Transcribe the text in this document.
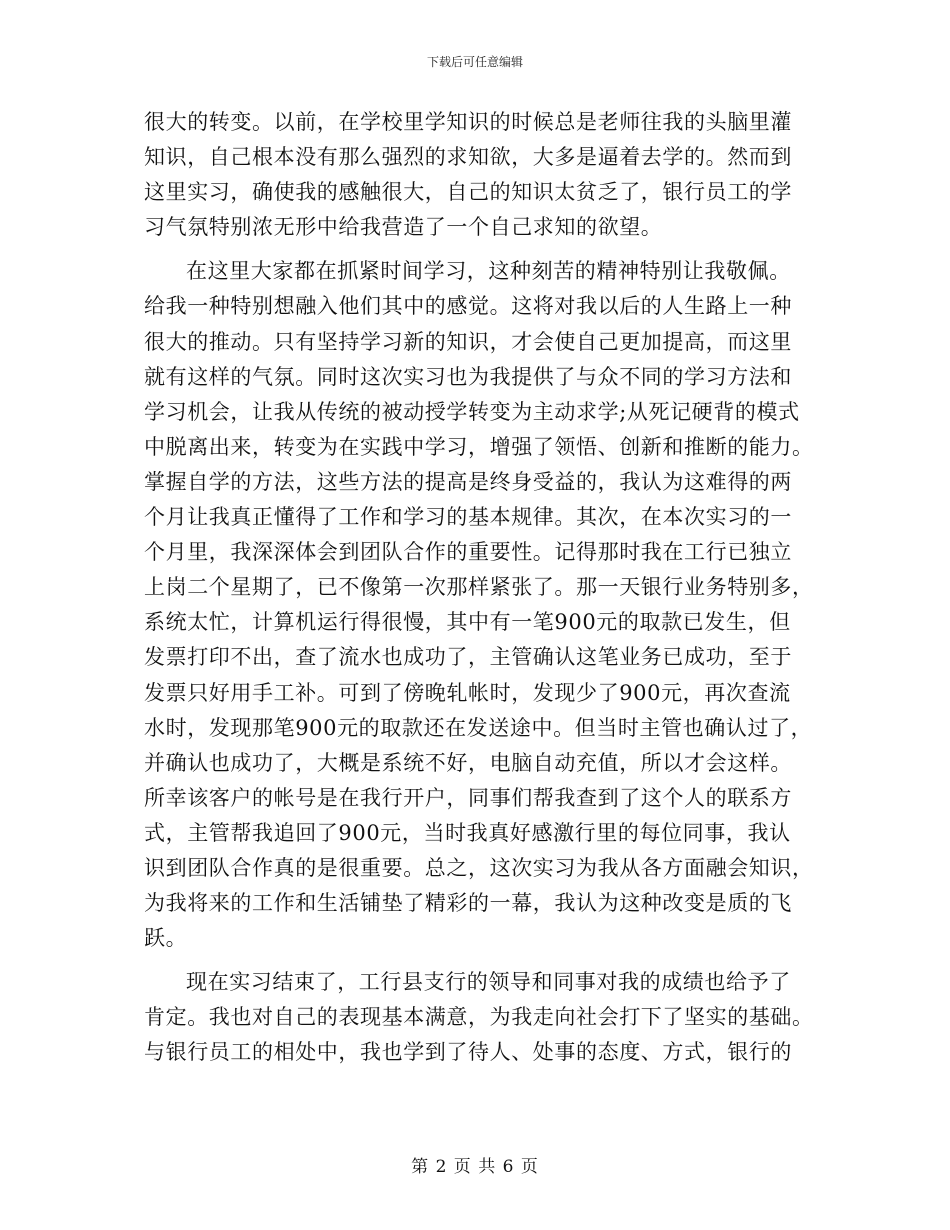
下载后可任意编辑
很大的转变。以前，在学校里学知识的时候总是老师往我的头脑里灌
知识，自己根本没有那么强烈的求知欲，大多是逼着去学的。然而到
这里实习，确使我的感触很大，自己的知识太贫乏了，银行员工的学
习气氛特别浓无形中给我营造了一个自己求知的欲望。
在这里大家都在抓紧时间学习，这种刻苦的精神特别让我敬佩。
给我一种特别想融入他们其中的感觉。这将对我以后的人生路上一种
很大的推动。只有坚持学习新的知识，才会使自己更加提高，而这里
就有这样的气氛。同时这次实习也为我提供了与众不同的学习方法和
学习机会，让我从传统的被动授学转变为主动求学;从死记硬背的模式
中脱离出来，转变为在实践中学习，增强了领悟、创新和推断的能力。
掌握自学的方法，这些方法的提高是终身受益的，我认为这难得的两
个月让我真正懂得了工作和学习的基本规律。其次，在本次实习的一
个月里，我深深体会到团队合作的重要性。记得那时我在工行已独立
上岗二个星期了，已不像第一次那样紧张了。那一天银行业务特别多，
系统太忙，计算机运行得很慢，其中有一笔900元的取款已发生，但
发票打印不出，查了流水也成功了，主管确认这笔业务已成功，至于
发票只好用手工补。可到了傍晚轧帐时，发现少了900元，再次查流
水时，发现那笔900元的取款还在发送途中。但当时主管也确认过了，
并确认也成功了，大概是系统不好，电脑自动充值，所以才会这样。
所幸该客户的帐号是在我行开户，同事们帮我查到了这个人的联系方
式，主管帮我追回了900元，当时我真好感激行里的每位同事，我认
识到团队合作真的是很重要。总之，这次实习为我从各方面融会知识，
为我将来的工作和生活铺垫了精彩的一幕，我认为这种改变是质的飞
跃。
现在实习结束了，工行县支行的领导和同事对我的成绩也给予了
肯定。我也对自己的表现基本满意，为我走向社会打下了坚实的基础。
与银行员工的相处中，我也学到了待人、处事的态度、方式，银行的
第 2 页 共 6 页
